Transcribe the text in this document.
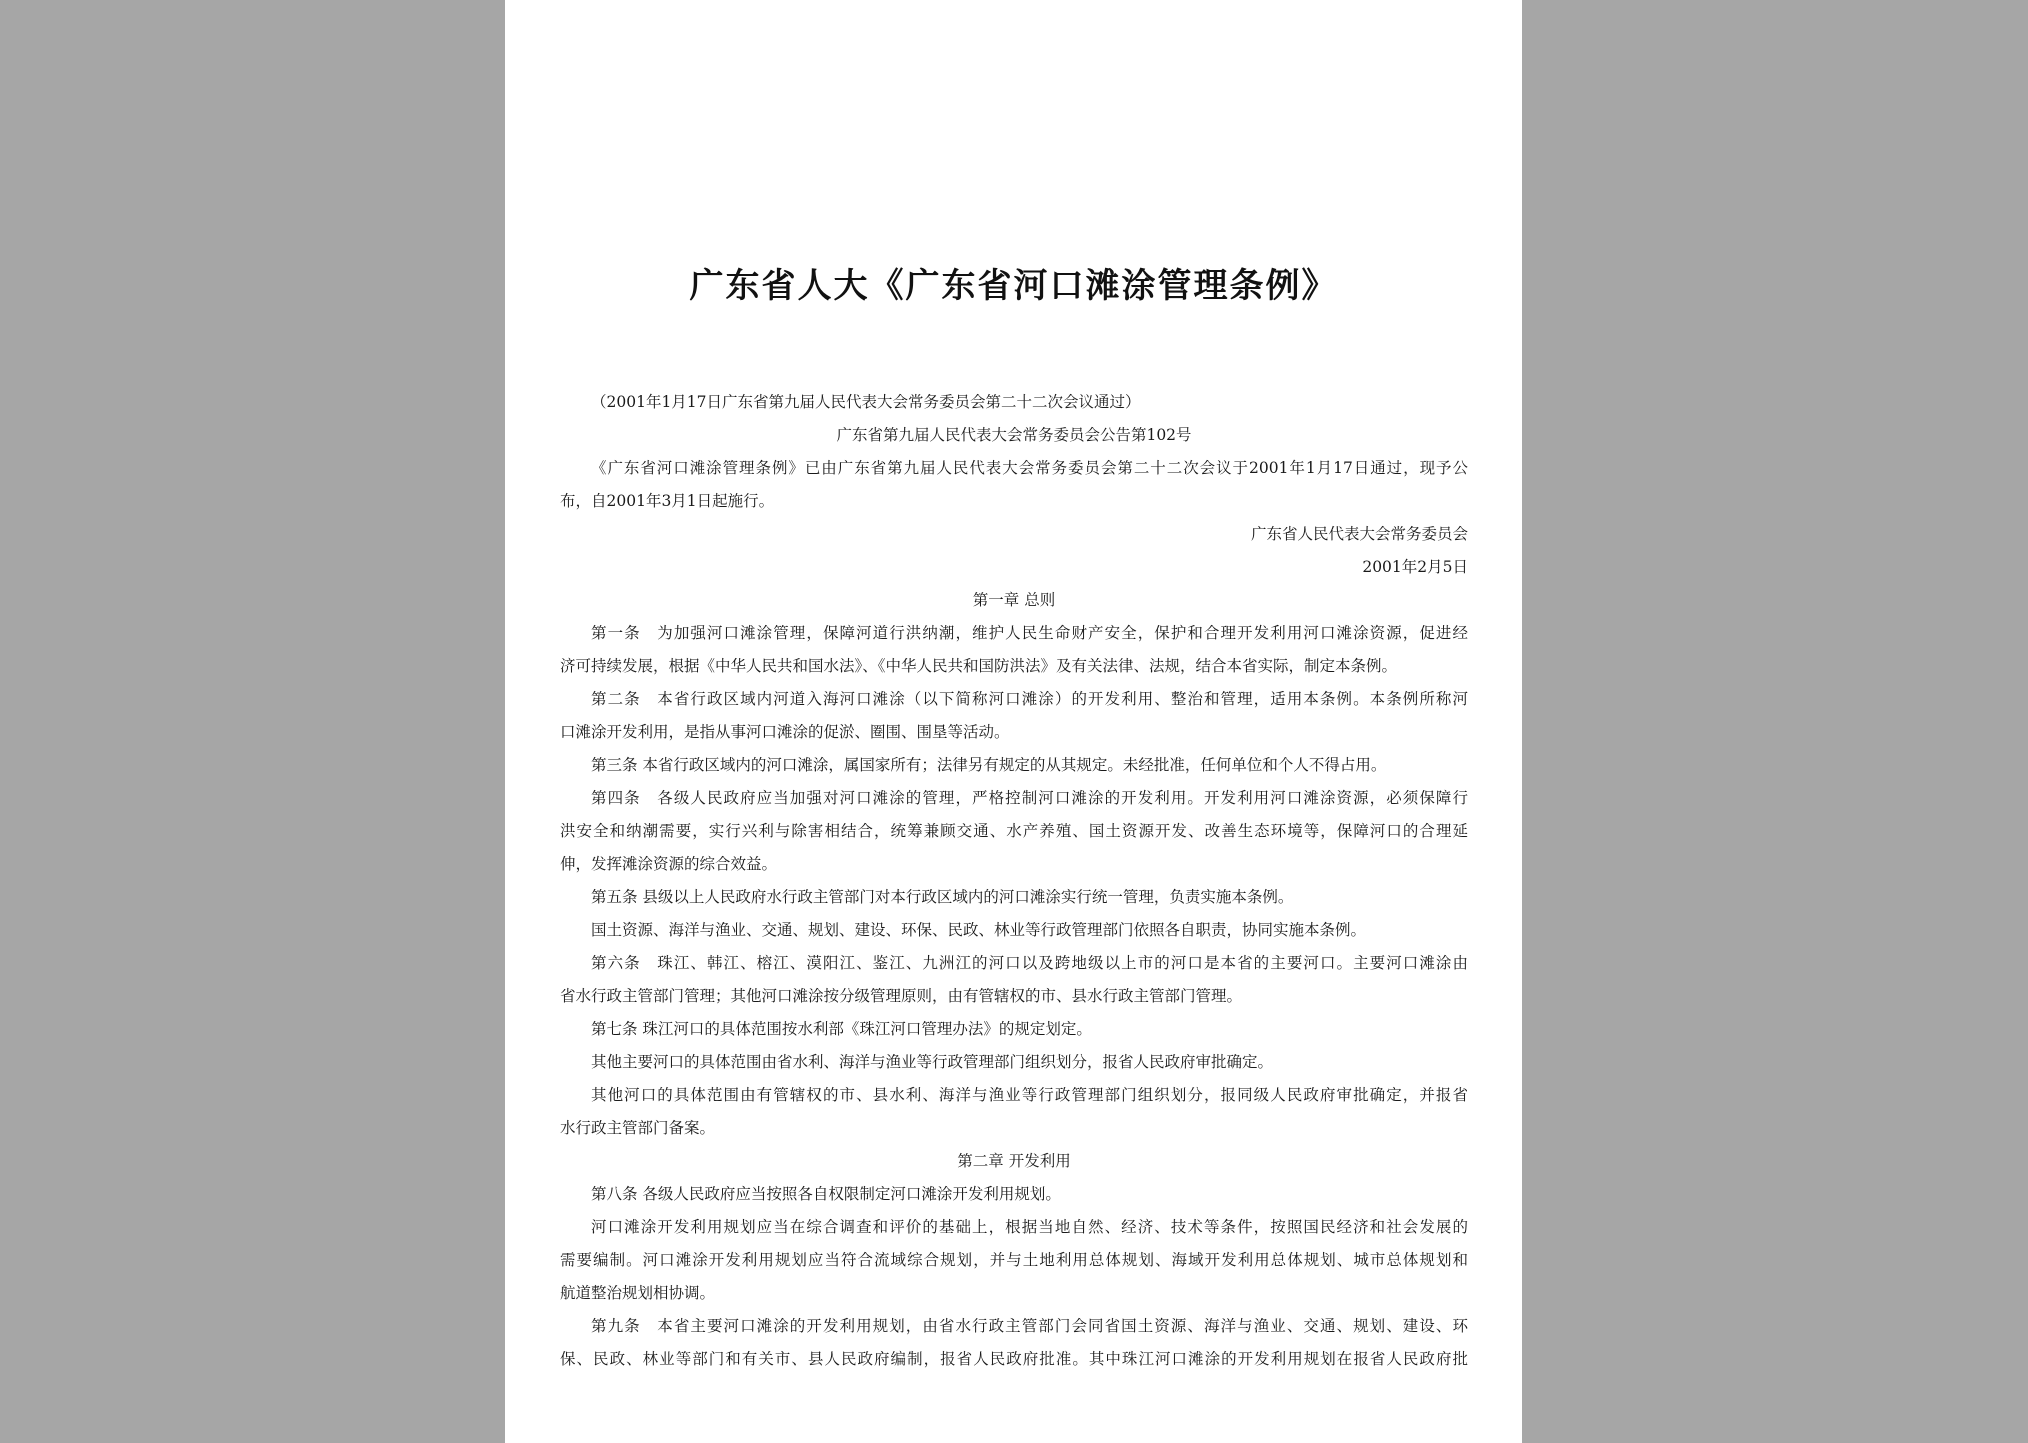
广东省人大《广东省河口滩涂管理条例》

（2001年1月17日广东省第九届人民代表大会常务委员会第二十二次会议通过）

广东省第九届人民代表大会常务委员会公告第102号

《广东省河口滩涂管理条例》已由广东省第九届人民代表大会常务委员会第二十二次会议于2001年1月17日通过，现予公

布，自2001年3月1日起施行。

广东省人民代表大会常务委员会

2001年2月5日

第一章 总则

第一条　为加强河口滩涂管理，保障河道行洪纳潮，维护人民生命财产安全，保护和合理开发利用河口滩涂资源，促进经

济可持续发展，根据《中华人民共和国水法》、《中华人民共和国防洪法》及有关法律、法规，结合本省实际，制定本条例。

第二条　本省行政区域内河道入海河口滩涂（以下简称河口滩涂）的开发利用、整治和管理，适用本条例。本条例所称河

口滩涂开发利用，是指从事河口滩涂的促淤、圈围、围垦等活动。

第三条 本省行政区域内的河口滩涂，属国家所有；法律另有规定的从其规定。未经批准，任何单位和个人不得占用。

第四条　各级人民政府应当加强对河口滩涂的管理，严格控制河口滩涂的开发利用。开发利用河口滩涂资源，必须保障行

洪安全和纳潮需要，实行兴利与除害相结合，统筹兼顾交通、水产养殖、国土资源开发、改善生态环境等，保障河口的合理延

伸，发挥滩涂资源的综合效益。

第五条 县级以上人民政府水行政主管部门对本行政区域内的河口滩涂实行统一管理，负责实施本条例。

国土资源、海洋与渔业、交通、规划、建设、环保、民政、林业等行政管理部门依照各自职责，协同实施本条例。

第六条　珠江、韩江、榕江、漠阳江、鉴江、九洲江的河口以及跨地级以上市的河口是本省的主要河口。主要河口滩涂由

省水行政主管部门管理；其他河口滩涂按分级管理原则，由有管辖权的市、县水行政主管部门管理。

第七条 珠江河口的具体范围按水利部《珠江河口管理办法》的规定划定。

其他主要河口的具体范围由省水利、海洋与渔业等行政管理部门组织划分，报省人民政府审批确定。

其他河口的具体范围由有管辖权的市、县水利、海洋与渔业等行政管理部门组织划分，报同级人民政府审批确定，并报省

水行政主管部门备案。

第二章 开发利用

第八条 各级人民政府应当按照各自权限制定河口滩涂开发利用规划。

河口滩涂开发利用规划应当在综合调查和评价的基础上，根据当地自然、经济、技术等条件，按照国民经济和社会发展的

需要编制。河口滩涂开发利用规划应当符合流域综合规划，并与土地利用总体规划、海域开发利用总体规划、城市总体规划和

航道整治规划相协调。

第九条　本省主要河口滩涂的开发利用规划，由省水行政主管部门会同省国土资源、海洋与渔业、交通、规划、建设、环

保、民政、林业等部门和有关市、县人民政府编制，报省人民政府批准。其中珠江河口滩涂的开发利用规划在报省人民政府批
